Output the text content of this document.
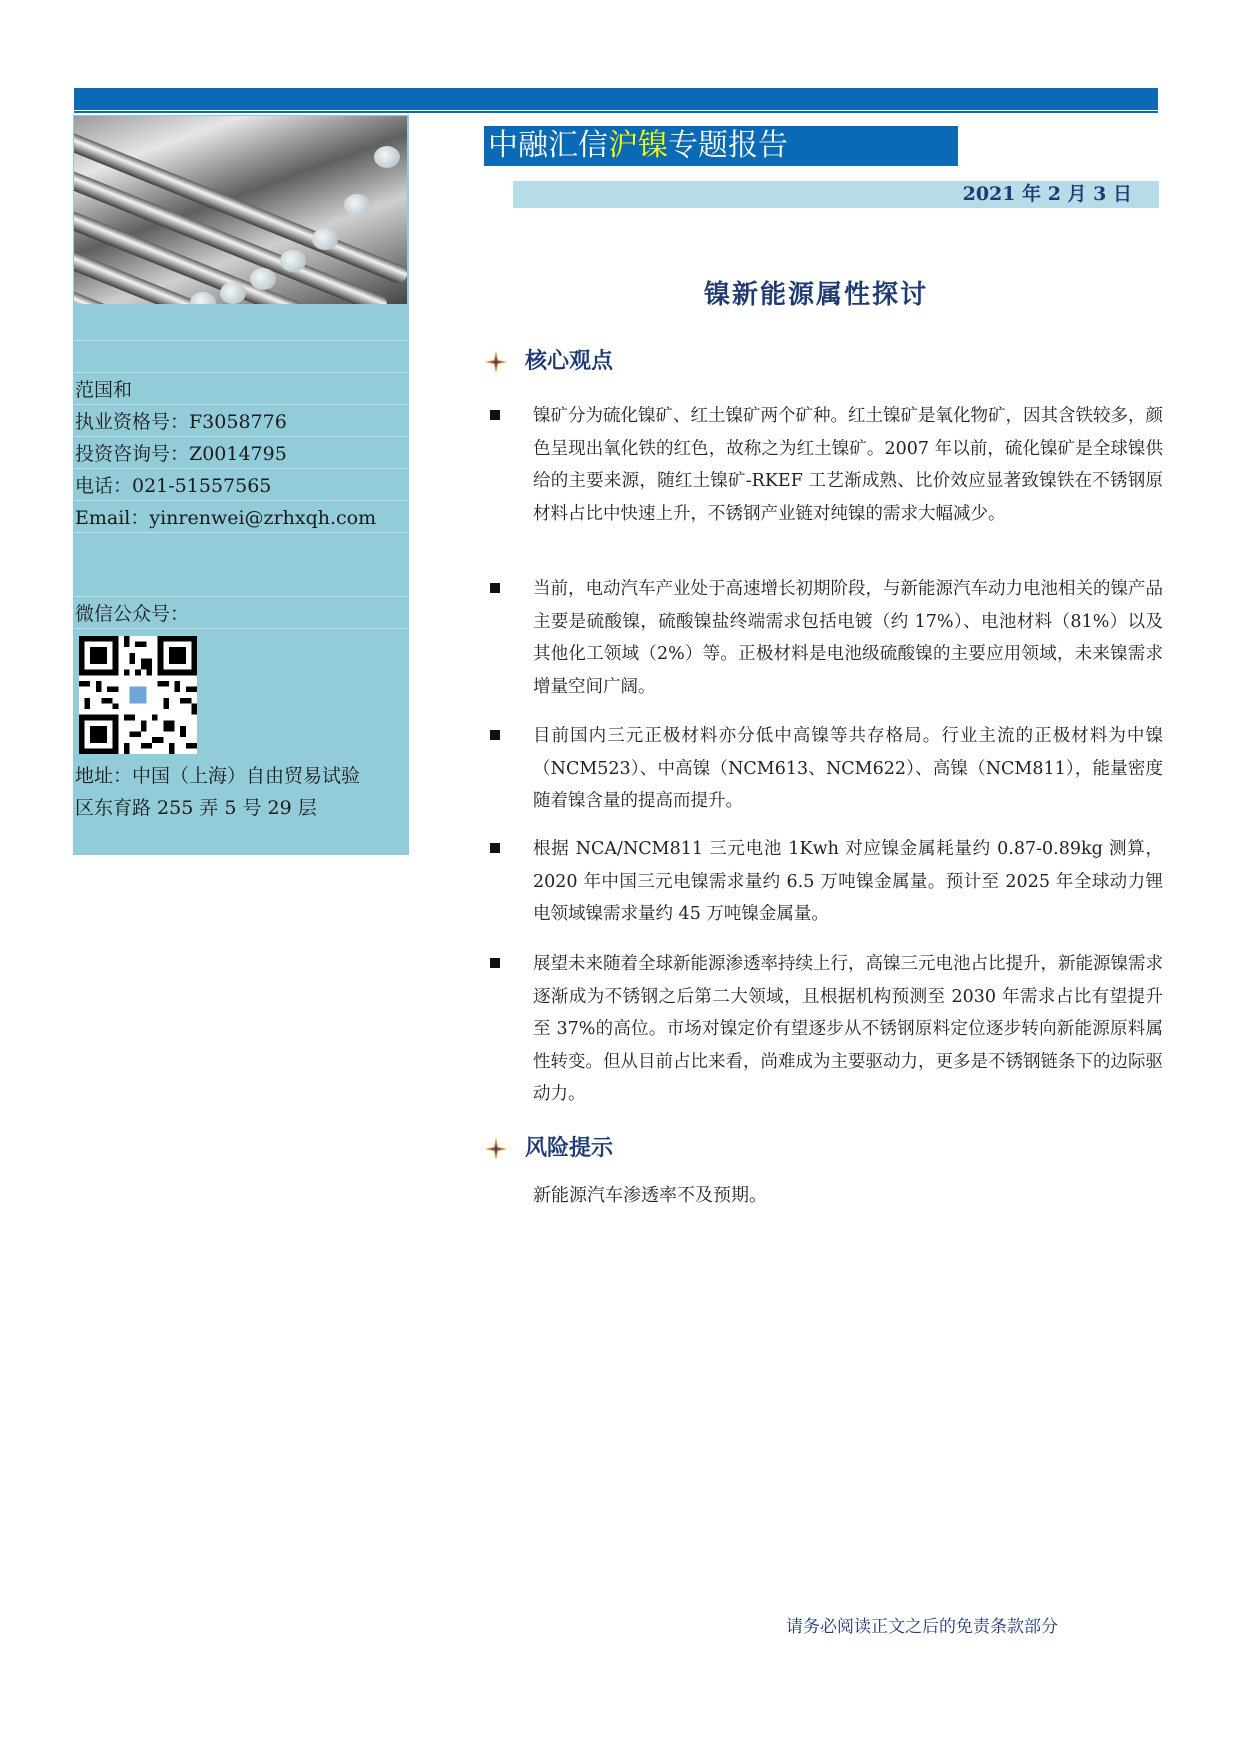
范国和
执业资格号：F3058776
投资咨询号：Z0014795
电话：021-51557565
Email：yinrenwei@zrhxqh.com
微信公众号：
地址：中国（上海）自由贸易试验
区东育路 255 弄 5 号 29 层
中融汇信沪镍专题报告
2021 年 2 月 3 日
镍新能源属性探讨
核心观点
镍矿分为硫化镍矿、红土镍矿两个矿种。红土镍矿是氧化物矿，因其含铁较多，颜色呈现出氧化铁的红色，故称之为红土镍矿。2007 年以前，硫化镍矿是全球镍供给的主要来源，随红土镍矿-RKEF 工艺渐成熟、比价效应显著致镍铁在不锈钢原材料占比中快速上升，不锈钢产业链对纯镍的需求大幅减少。
当前，电动汽车产业处于高速增长初期阶段，与新能源汽车动力电池相关的镍产品主要是硫酸镍，硫酸镍盐终端需求包括电镀（约 17%）、电池材料（81%）以及其他化工领域（2%）等。正极材料是电池级硫酸镍的主要应用领域，未来镍需求增量空间广阔。
目前国内三元正极材料亦分低中高镍等共存格局。行业主流的正极材料为中镍（NCM523）、中高镍（NCM613、NCM622）、高镍（NCM811），能量密度随着镍含量的提高而提升。
根据 NCA/NCM811 三元电池 1Kwh 对应镍金属耗量约 0.87-0.89kg 测算，2020 年中国三元电镍需求量约 6.5 万吨镍金属量。预计至 2025 年全球动力锂电领域镍需求量约 45 万吨镍金属量。
展望未来随着全球新能源渗透率持续上行，高镍三元电池占比提升，新能源镍需求逐渐成为不锈钢之后第二大领域，且根据机构预测至 2030 年需求占比有望提升至 37%的高位。市场对镍定价有望逐步从不锈钢原料定位逐步转向新能源原料属性转变。但从目前占比来看，尚难成为主要驱动力，更多是不锈钢链条下的边际驱动力。
风险提示
新能源汽车渗透率不及预期。
请务必阅读正文之后的免责条款部分
